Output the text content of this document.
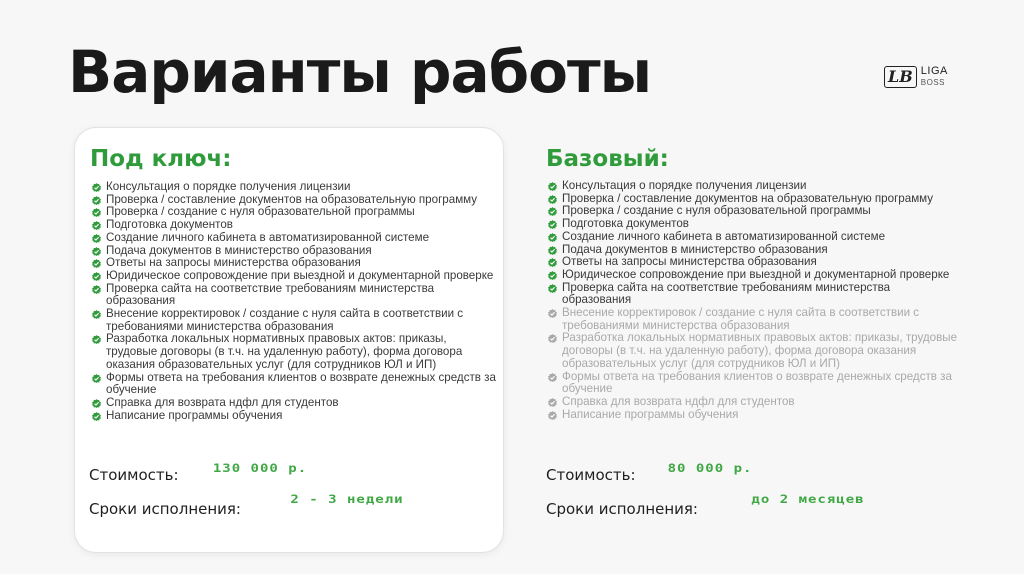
Варианты работы	LB LIGA
BOSS
Под ключ:
Консультация о порядке получения лицензии
Проверка / составление документов на образовательную программу
Проверка / создание с нуля образовательной программы
Подготовка документов
Создание личного кабинета в автоматизированной системе
Подача документов в министерство образования
Ответы на запросы министерства образования
Юридическое сопровождение при выездной и документарной проверке
Проверка сайта на соответствие требованиям министерства образования
Внесение корректировок / создание с нуля сайта в соответствии с требованиями министерства образования
Разработка локальных нормативных правовых актов: приказы, трудовые договоры (в т.ч. на удаленную работу), форма договора оказания образовательных услуг (для сотрудников ЮЛ и ИП)
Формы ответа на требования клиентов о возврате денежных средств за обучение
Справка для возврата ндфл для студентов
Написание программы обучения
Стоимость:	130 000 р.
Сроки исполнения:	2 - 3 недели
Базовый:
Консультация о порядке получения лицензии
Проверка / составление документов на образовательную программу
Проверка / создание с нуля образовательной программы
Подготовка документов
Создание личного кабинета в автоматизированной системе
Подача документов в министерство образования
Ответы на запросы министерства образования
Юридическое сопровождение при выездной и документарной проверке
Проверка сайта на соответствие требованиям министерства образования
Внесение корректировок / создание с нуля сайта в соответствии с требованиями министерства образования
Разработка локальных нормативных правовых актов: приказы, трудовые договоры (в т.ч. на удаленную работу), форма договора оказания образовательных услуг (для сотрудников ЮЛ и ИП)
Формы ответа на требования клиентов о возврате денежных средств за обучение
Справка для возврата ндфл для студентов
Написание программы обучения
Стоимость:	80 000 р.
Сроки исполнения:	до 2 месяцев
